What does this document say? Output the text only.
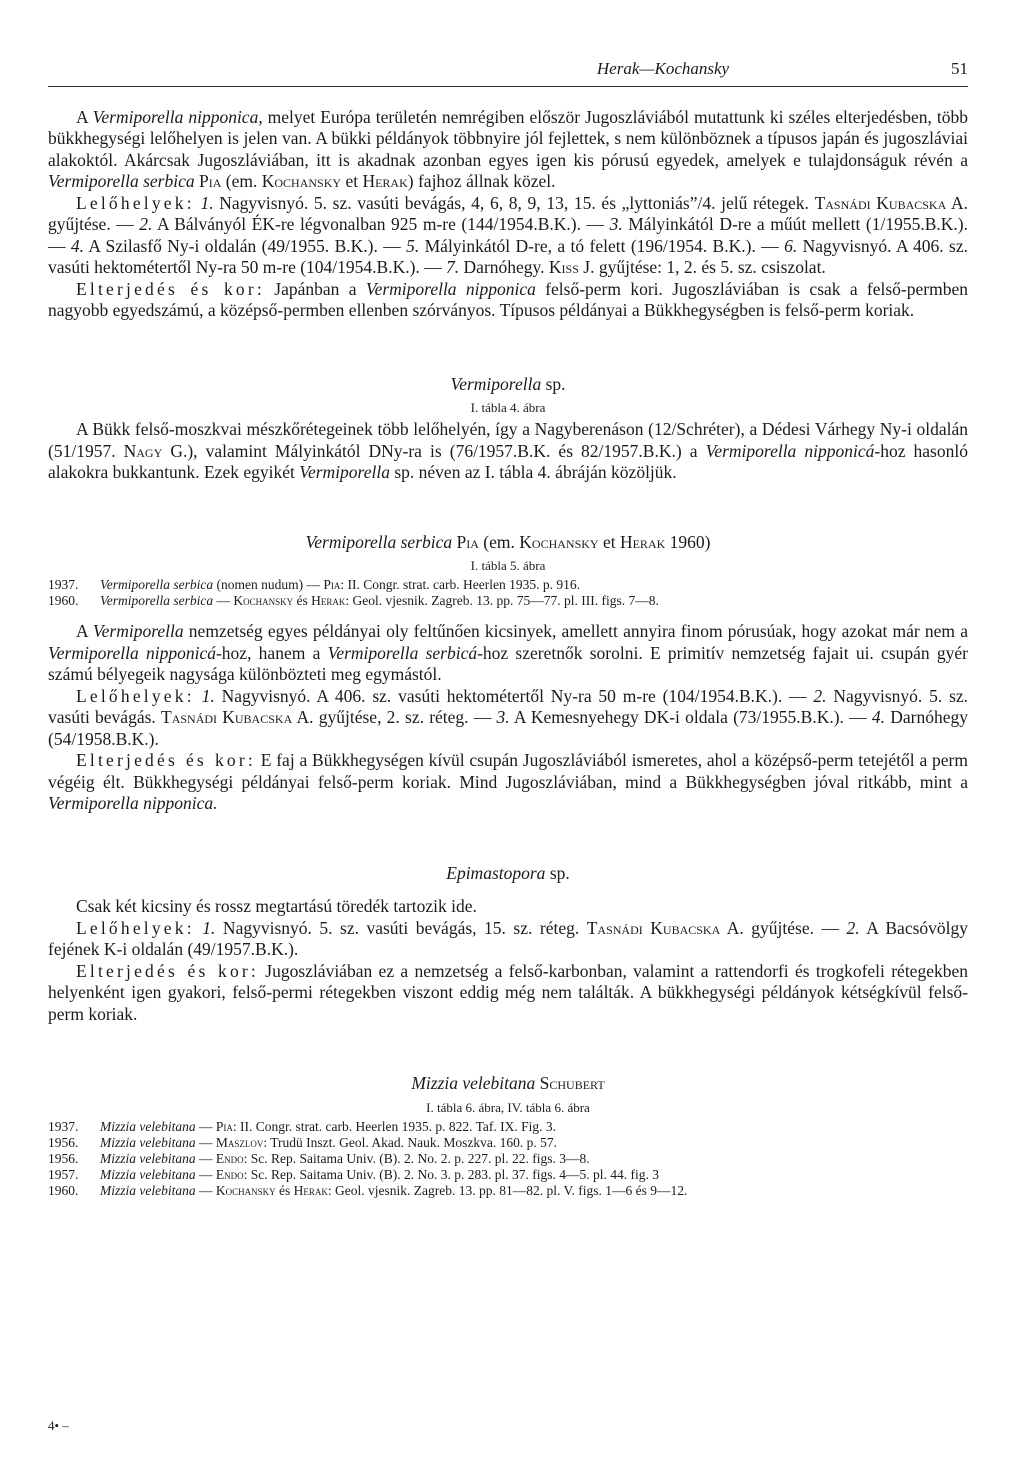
Herak—Kochansky	51

A Vermiporella nipponica, melyet Európa területén nemrégiben először Jugoszláviából mutattunk ki széles elterjedésben, több bükkhegységi lelőhelyen is jelen van. A bükki példányok többnyire jól fejlettek, s nem különböznek a típusos japán és jugoszláviai alakoktól. Akárcsak Jugoszláviában, itt is akadnak azonban egyes igen kis pórusú egyedek, amelyek e tulajdonságuk révén a Vermiporella serbica Pia (em. Kochansky et Herak) fajhoz állnak közel.

Lelőhelyek: 1. Nagyvisnyó. 5. sz. vasúti bevágás, 4, 6, 8, 9, 13, 15. és „lyttoniás”/4. jelű rétegek. Tasnádi Kubacska A. gyűjtése. — 2. A Bálványól ÉK-re légvonalban 925 m-re (144/1954.B.K.). — 3. Mályinkától D-re a műút mellett (1/1955.B.K.). — 4. A Szilasfő Ny-i oldalán (49/1955. B.K.). — 5. Mályinkától D-re, a tó felett (196/1954. B.K.). — 6. Nagyvisnyó. A 406. sz. vasúti hektométertől Ny-ra 50 m-re (104/1954.B.K.). — 7. Darnóhegy. Kiss J. gyűjtése: 1, 2. és 5. sz. csiszolat.

Elterjedés és kor: Japánban a Vermiporella nipponica felső-perm kori. Jugoszláviában is csak a felső-permben nagyobb egyedszámú, a középső-permben ellenben szórványos. Típusos példányai a Bükkhegységben is felső-perm koriak.

Vermiporella sp.
I. tábla 4. ábra

A Bükk felső-moszkvai mészkőrétegeinek több lelőhelyén, így a Nagyberenáson (12/Schréter), a Dédesi Várhegy Ny-i oldalán (51/1957. Nagy G.), valamint Mályinkától DNy-ra is (76/1957.B.K. és 82/1957.B.K.) a Vermiporella nipponicá-hoz hasonló alakokra bukkantunk. Ezek egyikét Vermiporella sp. néven az I. tábla 4. ábráján közöljük.

Vermiporella serbica Pia (em. Kochansky et Herak 1960)
I. tábla 5. ábra
1937.	Vermiporella serbica (nomen nudum) — Pia: II. Congr. strat. carb. Heerlen 1935. p. 916.
1960.	Vermiporella serbica — Kochansky és Herak: Geol. vjesnik. Zagreb. 13. pp. 75—77. pl. III. figs. 7—8.

A Vermiporella nemzetség egyes példányai oly feltűnően kicsinyek, amellett annyira finom pórusúak, hogy azokat már nem a Vermiporella nipponicá-hoz, hanem a Vermiporella serbicá-hoz szeretnők sorolni. E primitív nemzetség fajait ui. csupán gyér számú bélyegeik nagysága különbözteti meg egymástól.

Lelőhelyek: 1. Nagyvisnyó. A 406. sz. vasúti hektométertől Ny-ra 50 m-re (104/1954.B.K.). — 2. Nagyvisnyó. 5. sz. vasúti bevágás. Tasnádi Kubacska A. gyűjtése, 2. sz. réteg. — 3. A Kemesnyehegy DK-i oldala (73/1955.B.K.). — 4. Darnóhegy (54/1958.B.K.).

Elterjedés és kor: E faj a Bükkhegységen kívül csupán Jugoszláviából ismeretes, ahol a középső-perm tetejétől a perm végéig élt. Bükkhegységi példányai felső-perm koriak. Mind Jugoszláviában, mind a Bükkhegységben jóval ritkább, mint a Vermiporella nipponica.

Epimastopora sp.

Csak két kicsiny és rossz megtartású töredék tartozik ide.

Lelőhelyek: 1. Nagyvisnyó. 5. sz. vasúti bevágás, 15. sz. réteg. Tasnádi Kubacska A. gyűjtése. — 2. A Bacsóvölgy fejének K-i oldalán (49/1957.B.K.).

Elterjedés és kor: Jugoszláviában ez a nemzetség a felső-karbonban, valamint a rattendorfi és trogkofeli rétegekben helyenként igen gyakori, felső-permi rétegekben viszont eddig még nem találták. A bükkhegységi példányok kétségkívül felső-perm koriak.

Mizzia velebitana Schubert
I. tábla 6. ábra, IV. tábla 6. ábra
1937.	Mizzia velebitana — Pia: II. Congr. strat. carb. Heerlen 1935. p. 822. Taf. IX. Fig. 3.
1956.	Mizzia velebitana — Maszlov: Trudü Inszt. Geol. Akad. Nauk. Moszkva. 160. p. 57.
1956.	Mizzia velebitana — Endo: Sc. Rep. Saitama Univ. (B). 2. No. 2. p. 227. pl. 22. figs. 3—8.
1957.	Mizzia velebitana — Endo: Sc. Rep. Saitama Univ. (B). 2. No. 3. p. 283. pl. 37. figs. 4—5. pl. 44. fig. 3
1960.	Mizzia velebitana — Kochansky és Herak: Geol. vjesnik. Zagreb. 13. pp. 81—82. pl. V. figs. 1—6 és 9—12.
4• –
